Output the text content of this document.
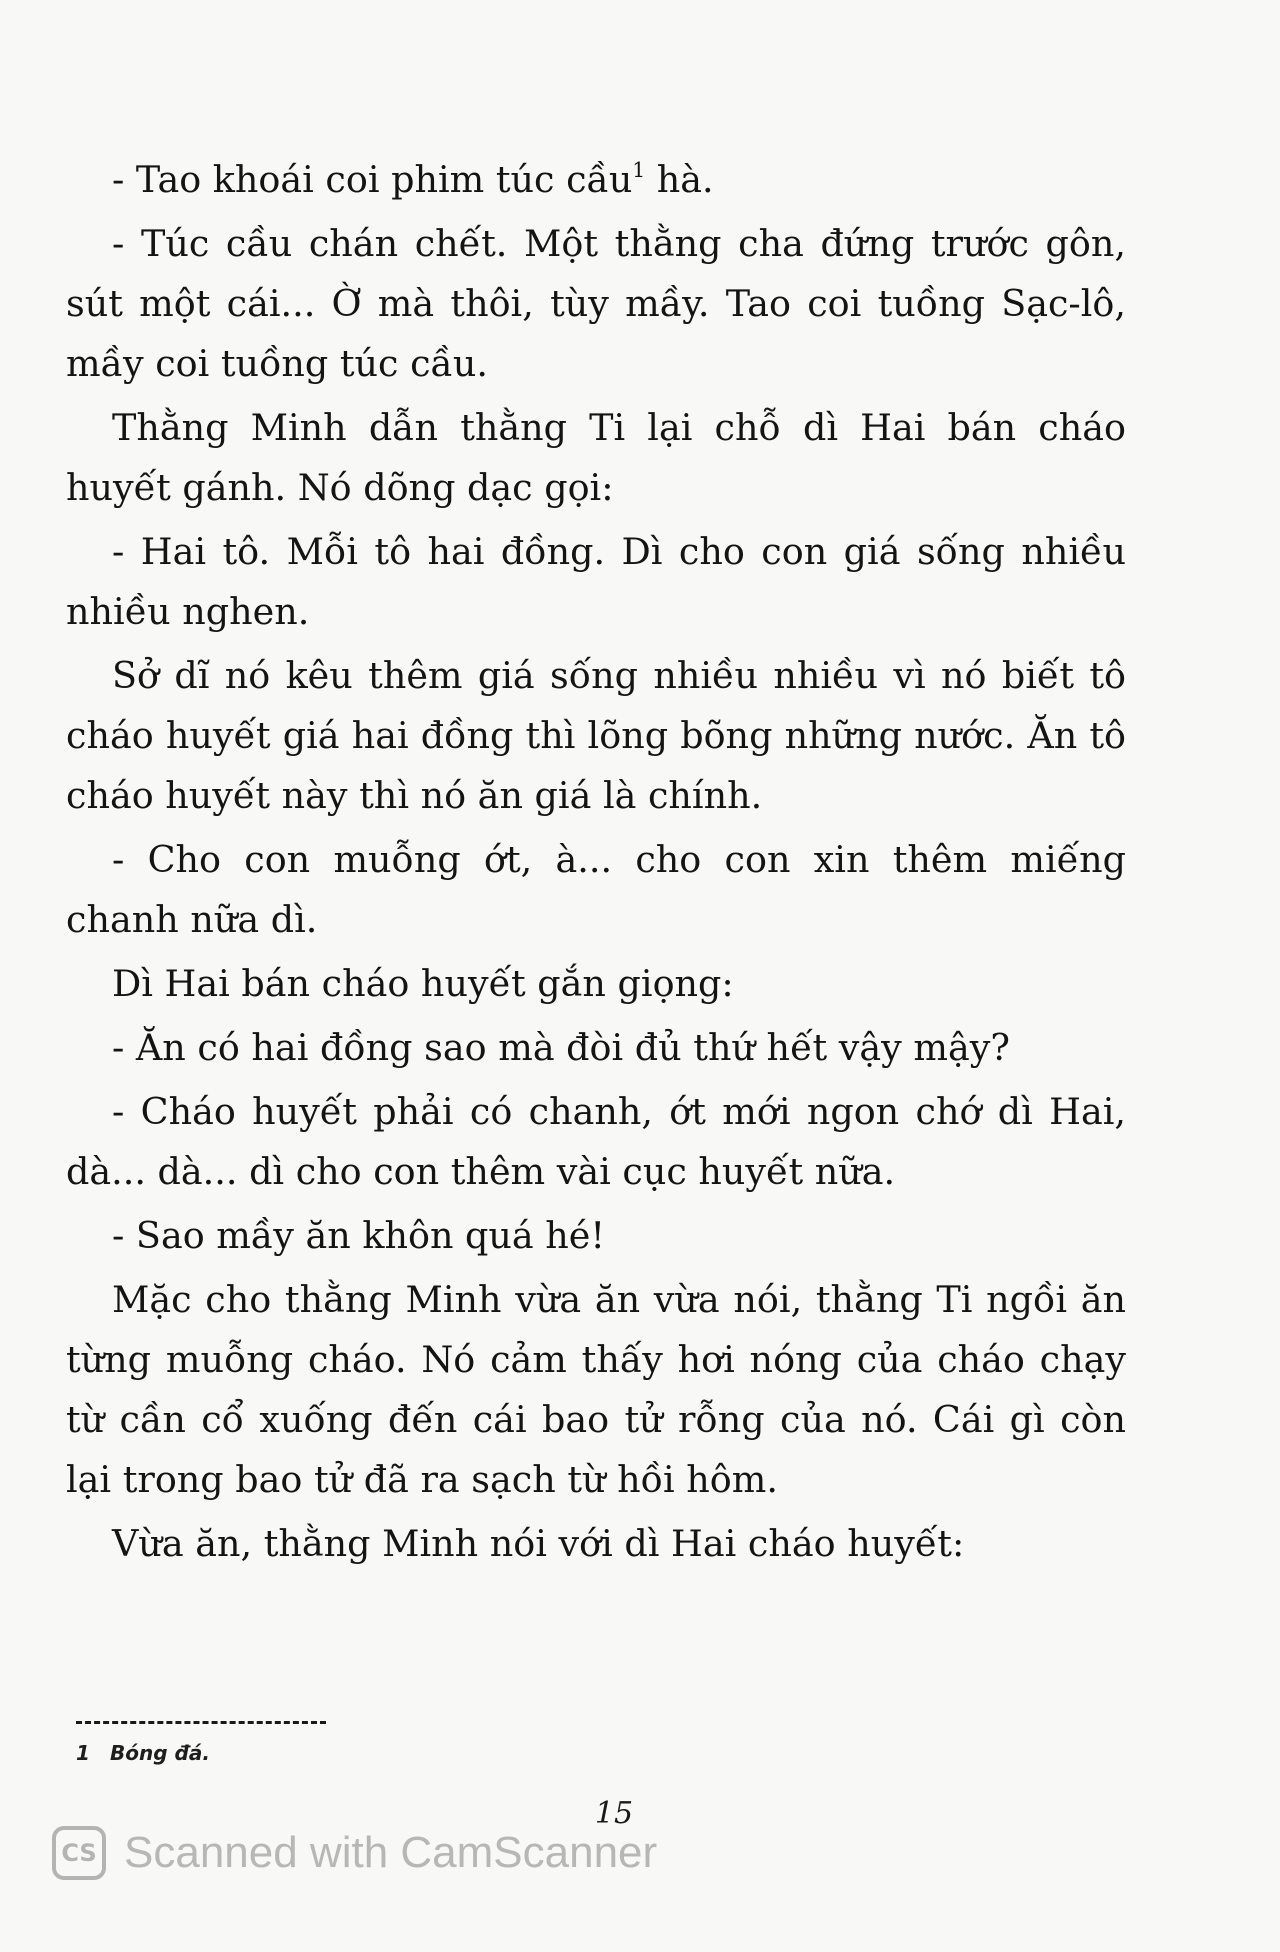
- Tao khoái coi phim túc cầu$^1$ hà.

- Túc cầu chán chết. Một thằng cha đứng trước gôn, sút một cái... Ờ mà thôi, tùy mầy. Tao coi tuồng Sạc-lô, mầy coi tuồng túc cầu.

Thằng Minh dẫn thằng Ti lại chỗ dì Hai bán cháo huyết gánh. Nó dõng dạc gọi:

- Hai tô. Mỗi tô hai đồng. Dì cho con giá sống nhiều nhiều nghen.

Sở dĩ nó kêu thêm giá sống nhiều nhiều vì nó biết tô cháo huyết giá hai đồng thì lõng bõng những nước. Ăn tô cháo huyết này thì nó ăn giá là chính.

- Cho con muỗng ớt, à... cho con xin thêm miếng chanh nữa dì.

Dì Hai bán cháo huyết gắn giọng:

- Ăn có hai đồng sao mà đòi đủ thứ hết vậy mậy?

- Cháo huyết phải có chanh, ớt mới ngon chớ dì Hai, dà... dà... dì cho con thêm vài cục huyết nữa.

- Sao mầy ăn khôn quá hé!

Mặc cho thằng Minh vừa ăn vừa nói, thằng Ti ngồi ăn từng muỗng cháo. Nó cảm thấy hơi nóng của cháo chạy từ cần cổ xuống đến cái bao tử rỗng của nó. Cái gì còn lại trong bao tử đã ra sạch từ hồi hôm.

Vừa ăn, thằng Minh nói với dì Hai cháo huyết:

1 Bóng đá.
15
CS Scanned with CamScanner
